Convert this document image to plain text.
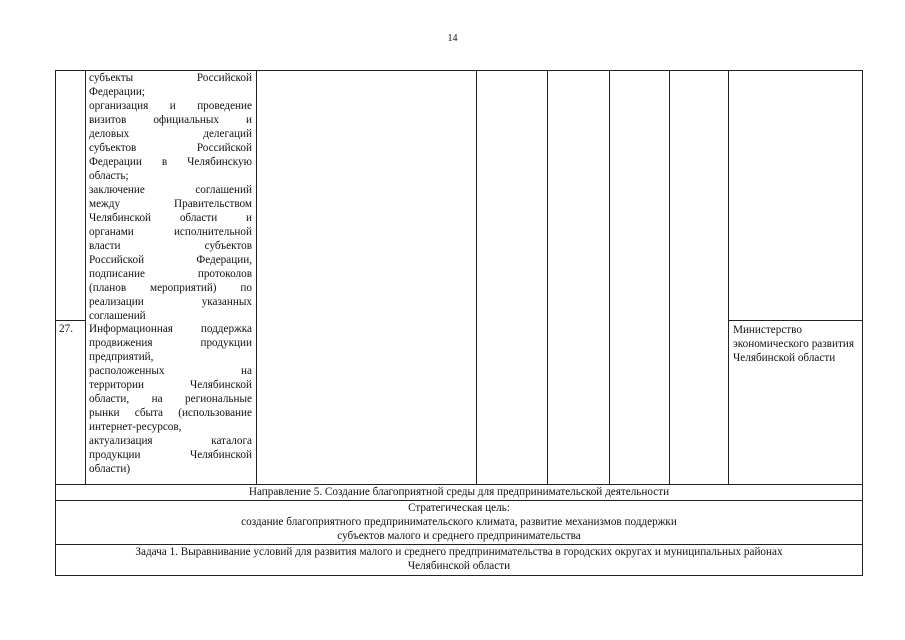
14
субъекты Российской
Федерации;
организация и проведение
визитов официальных и
деловых делегаций
субъектов Российской
Федерации в Челябинскую
область;
заключение соглашений
между Правительством
Челябинской области и
органами исполнительной
власти субъектов
Российской Федерации,
подписание протоколов
(планов мероприятий) по
реализации указанных
соглашений
27. Информационная поддержка
продвижения продукции
предприятий,
расположенных на
территории Челябинской
области, на региональные
рынки сбыта (использование
интернет-ресурсов,
актуализация каталога
продукции Челябинской
области)
Министерство экономического развития Челябинской области
Направление 5. Создание благоприятной среды для предпринимательской деятельности
Стратегическая цель:
создание благоприятного предпринимательского климата, развитие механизмов поддержки
субъектов малого и среднего предпринимательства
Задача 1. Выравнивание условий для развития малого и среднего предпринимательства в городских округах и муниципальных районах
Челябинской области
